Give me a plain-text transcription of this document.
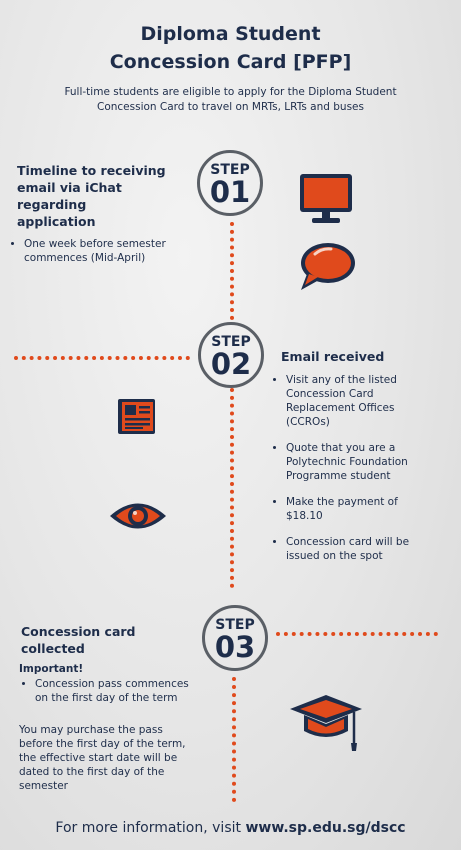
Diploma Student
Concession Card [PFP]
Full-time students are eligible to apply for the Diploma Student
Concession Card to travel on MRTs, LRTs and buses
STEP
01
Timeline to receiving
email via iChat regarding
application
• One week before semester commences (Mid-April)
STEP
02	Email received
• Visit any of the listed Concession Card Replacement Offices (CCROs)
• Quote that you are a Polytechnic Foundation Programme student
• Make the payment of $18.10
• Concession card will be issued on the spot
STEP
03
Concession card
collected
Important!
• Concession pass commences on the first day of the term
You may purchase the pass before the first day of the term, the effective start date will be dated to the first day of the semester
For more information, visit www.sp.edu.sg/dscc
